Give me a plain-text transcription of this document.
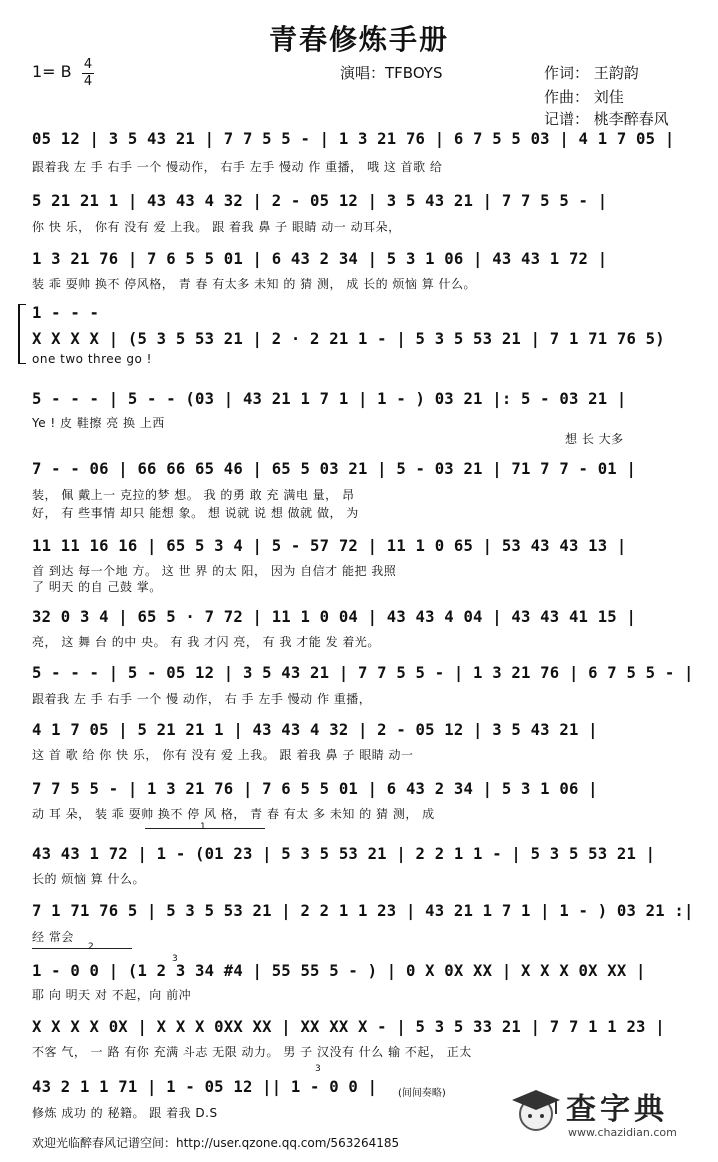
青春修炼手册
1= B 4
4	演唱：TFBOYS	作词： 王韵韵
作曲： 刘佳
记谱： 桃李醉春风
05 12 | 3 5 43 21 | 7 7 5 5 - | 1 3 21 76 | 6 7 5 5 03 | 4 1 7 05 |
跟着我 左 手 右手 一个 慢动作， 右手 左手 慢动 作 重播， 哦 这 首歌 给
5 21 21 1 | 43 43 4 32 | 2 - 05 12 | 3 5 43 21 | 7 7 5 5 - |
你 快 乐， 你有 没有 爱 上我。 跟 着我 鼻 子 眼睛 动一 动耳朵，
1 3 21 76 | 7 6 5 5 01 | 6 43 2 34 | 5 3 1 06 | 43 43 1 72 |
装 乖 耍帅 换不 停风格， 青 春 有太多 未知 的 猜 测， 成 长的 烦恼 算 什么。
1 - - -
X X X X | (5 3 5 53 21 | 2 · 2 21 1 - | 5 3 5 53 21 | 7 1 71 76 5)
one two three go !
5 - - - | 5 - - (03 | 43 21 1 7 1 | 1 - ) 03 21 |: 5 - 03 21 |
Ye ! 皮 鞋擦 亮 换 上西
想 长 大多
7 - - 06 | 66 66 65 46 | 65 5 03 21 | 5 - 03 21 | 71 7 7 - 01 |
装， 佩 戴上一 克拉的梦 想。 我 的勇 敢 充 满电 量， 昂
好， 有 些事情 却只 能想 象。 想 说就 说 想 做就 做， 为
11 11 16 16 | 65 5 3 4 | 5 - 57 72 | 11 1 0 65 | 53 43 43 13 |
首 到达 每一个地 方。 这 世 界 的太 阳， 因为 自信才 能把 我照
了 明天 的自 己鼓 掌。
32 0 3 4 | 65 5 · 7 72 | 11 1 0 04 | 43 43 4 04 | 43 43 41 15 |
亮， 这 舞 台 的中 央。 有 我 才闪 亮， 有 我 才能 发 着光。
5 - - - | 5 - 05 12 | 3 5 43 21 | 7 7 5 5 - | 1 3 21 76 | 6 7 5 5 - |
跟着我 左 手 右手 一个 慢 动作， 右 手 左手 慢动 作 重播，
4 1 7 05 | 5 21 21 1 | 43 43 4 32 | 2 - 05 12 | 3 5 43 21 |
这 首 歌 给 你 快 乐， 你有 没有 爱 上我。 跟 着我 鼻 子 眼睛 动一
7 7 5 5 - | 1 3 21 76 | 7 6 5 5 01 | 6 43 2 34 | 5 3 1 06 |
动 耳 朵， 装 乖 耍帅 换不 停 风 格， 青 春 有太 多 未知 的 猜 测， 成
1
43 43 1 72 | 1 - (01 23 | 5 3 5 53 21 | 2 2 1 1 - | 5 3 5 53 21 |
长的 烦恼 算 什么。
7 1 71 76 5 | 5 3 5 53 21 | 2 2 1 1 23 | 43 21 1 7 1 | 1 - ) 03 21 :|
经 常会
2
3
1 - 0 0 | (1 2 3 34 #4 | 55 55 5 - ) | 0 X 0X XX | X X X 0X XX |
耶 向 明天 对 不起，向 前冲
X X X X 0X | X X X 0XX XX | XX XX X - | 5 3 5 33 21 | 7 7 1 1 23 |
不客 气， 一 路 有你 充满 斗志 无限 动力。 男 子 汉没有 什么 输 不起， 正太
3
43 2 1 1 71 | 1 - 05 12 || 1 - 0 0 | (间间奏略)
修炼 成功 的 秘籍。 跟 着我 D.S
欢迎光临醉春风记谱空间：http://user.qzone.qq.com/563264185
查字典
www.chazidian.com
